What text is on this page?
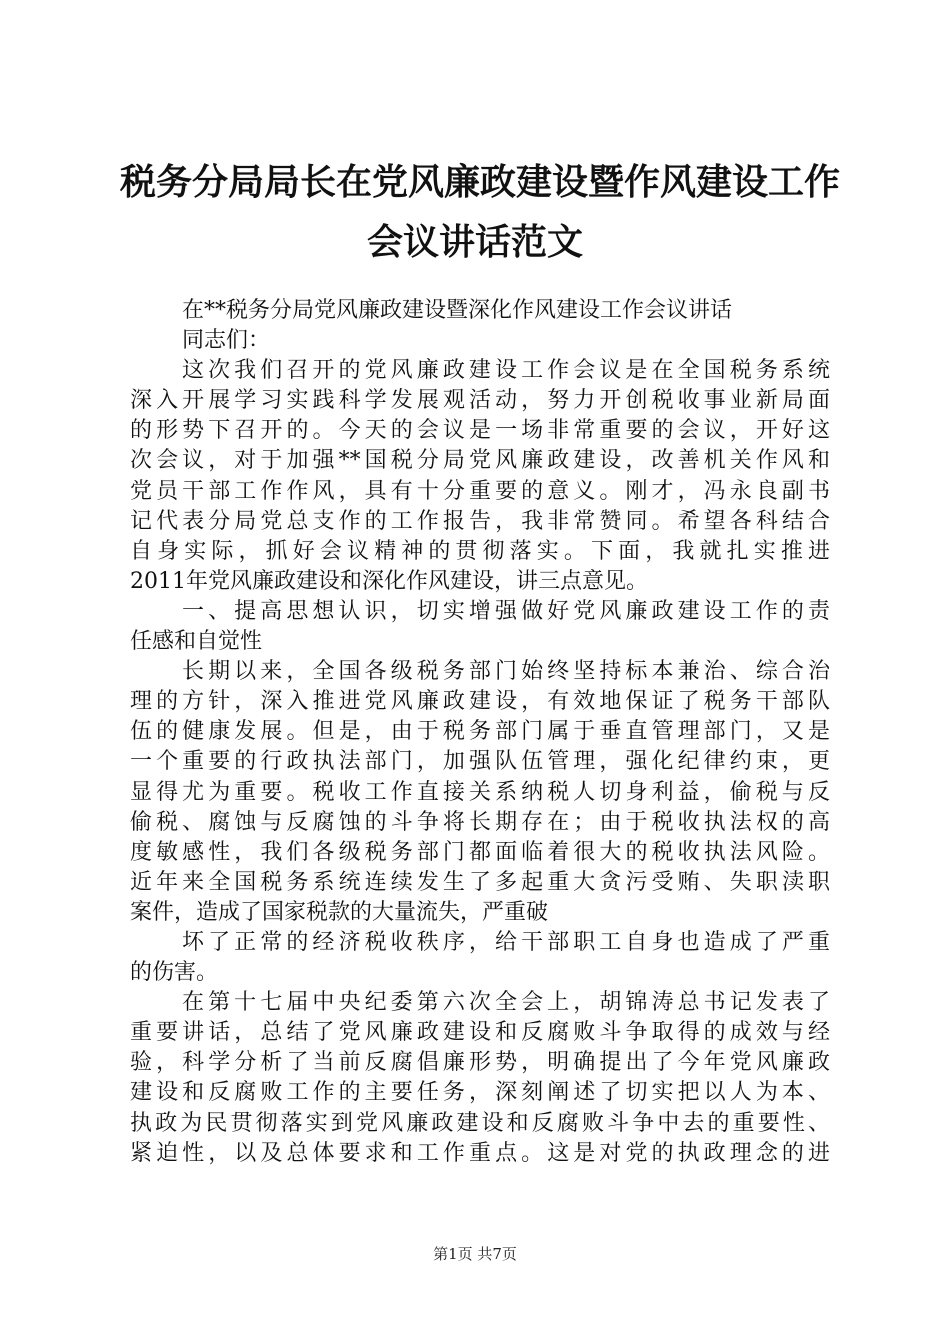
税务分局局长在党风廉政建设暨作风建设工作
会议讲话范文
在**税务分局党风廉政建设暨深化作风建设工作会议讲话
同志们：
这次我们召开的党风廉政建设工作会议是在全国税务系统
深入开展学习实践科学发展观活动，努力开创税收事业新局面
的形势下召开的。今天的会议是一场非常重要的会议，开好这
次会议，对于加强**国税分局党风廉政建设，改善机关作风和
党员干部工作作风，具有十分重要的意义。刚才，冯永良副书
记代表分局党总支作的工作报告，我非常赞同。希望各科结合
自身实际，抓好会议精神的贯彻落实。下面，我就扎实推进
2011年党风廉政建设和深化作风建设，讲三点意见。
一、提高思想认识，切实增强做好党风廉政建设工作的责
任感和自觉性
长期以来，全国各级税务部门始终坚持标本兼治、综合治
理的方针，深入推进党风廉政建设，有效地保证了税务干部队
伍的健康发展。但是，由于税务部门属于垂直管理部门，又是
一个重要的行政执法部门，加强队伍管理，强化纪律约束，更
显得尤为重要。税收工作直接关系纳税人切身利益，偷税与反
偷税、腐蚀与反腐蚀的斗争将长期存在；由于税收执法权的高
度敏感性，我们各级税务部门都面临着很大的税收执法风险。
近年来全国税务系统连续发生了多起重大贪污受贿、失职渎职
案件，造成了国家税款的大量流失，严重破
坏了正常的经济税收秩序，给干部职工自身也造成了严重
的伤害。
在第十七届中央纪委第六次全会上，胡锦涛总书记发表了
重要讲话，总结了党风廉政建设和反腐败斗争取得的成效与经
验，科学分析了当前反腐倡廉形势，明确提出了今年党风廉政
建设和反腐败工作的主要任务，深刻阐述了切实把以人为本、
执政为民贯彻落实到党风廉政建设和反腐败斗争中去的重要性、
紧迫性，以及总体要求和工作重点。这是对党的执政理念的进
第1页 共7页
